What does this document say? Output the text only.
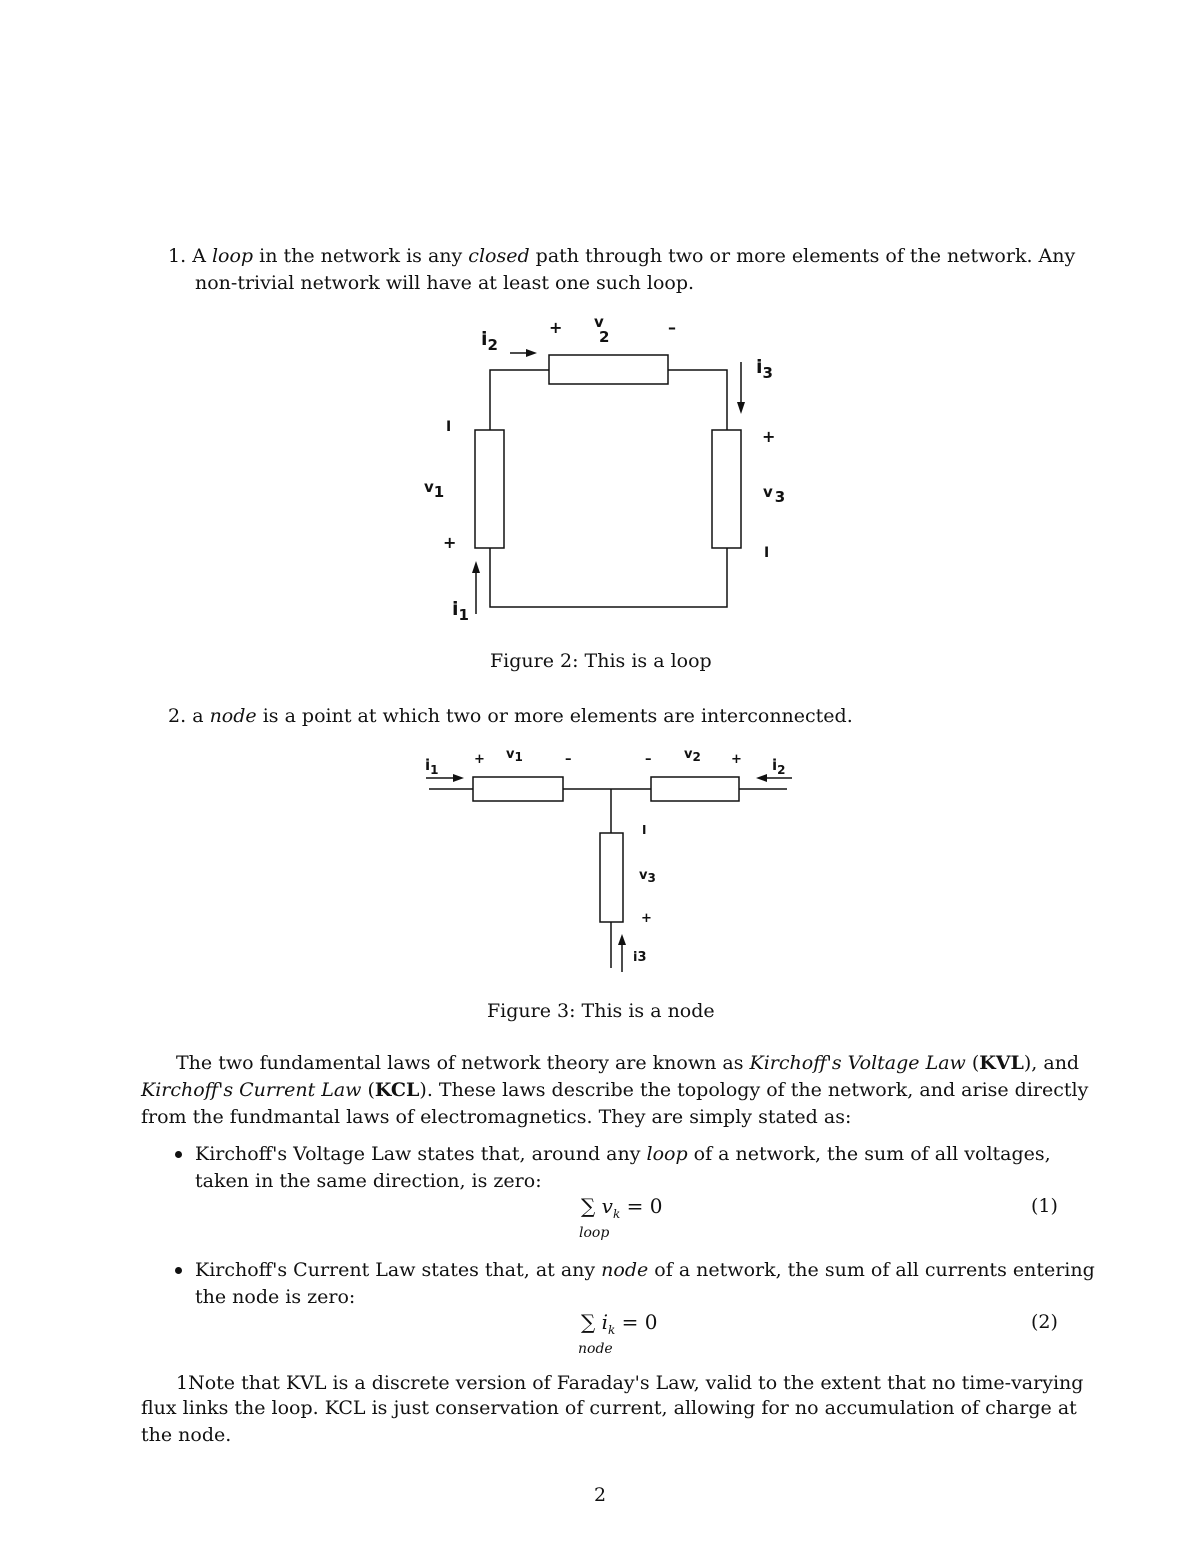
1. A loop in the network is any closed path through two or more elements of the network. Any
non-trivial network will have at least one such loop.
$i_2$
+ v
2	–
$i_3$
I
v1
+
+
v 3
I
$i_1$
Figure 2: This is a loop
2. a node is a point at which two or more elements are interconnected.
$i_1$
+ v1	–	–	$v2 + i_2$
I
v3
+
i3
Figure 3: This is a node
The two fundamental laws of network theory are known as Kirchoff's Voltage Law (KVL), and
Kirchoff's Current Law (KCL). These laws describe the topology of the network, and arise directly
from the fundmantal laws of electromagnetics. They are simply stated as:
Kirchoff's Voltage Law states that, around any loop of a network, the sum of all voltages,
taken in the same direction, is zero:
∑ $v_k = 0$
loop
(1)
Kirchoff's Current Law states that, at any node of a network, the sum of all currents entering
the node is zero:
∑ $i_k = 0$
node
(2)
1Note that KVL is a discrete version of Faraday's Law, valid to the extent that no time-varying
flux links the loop. KCL is just conservation of current, allowing for no accumulation of charge at
the node.
2
